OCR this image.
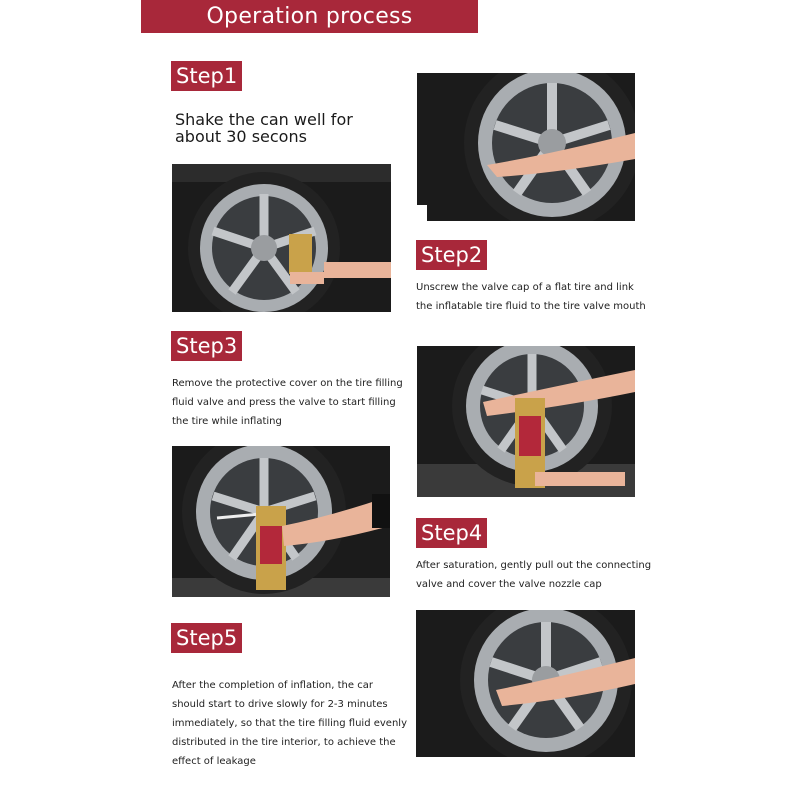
Operation process
Step1
Shake the can well for about 30 secons
Step2
Unscrew the valve cap of a flat tire and link the inflatable tire fluid to the tire valve mouth
Step3
Remove the protective cover on the tire filling fluid valve and press the valve to start filling the tire while inflating
Step4
After saturation, gently pull out the connecting valve and cover the valve nozzle cap
Step5
After the completion of inflation, the car should start to drive slowly for 2-3 minutes immediately, so that the tire filling fluid evenly distributed in the tire interior, to achieve the effect of leakage
